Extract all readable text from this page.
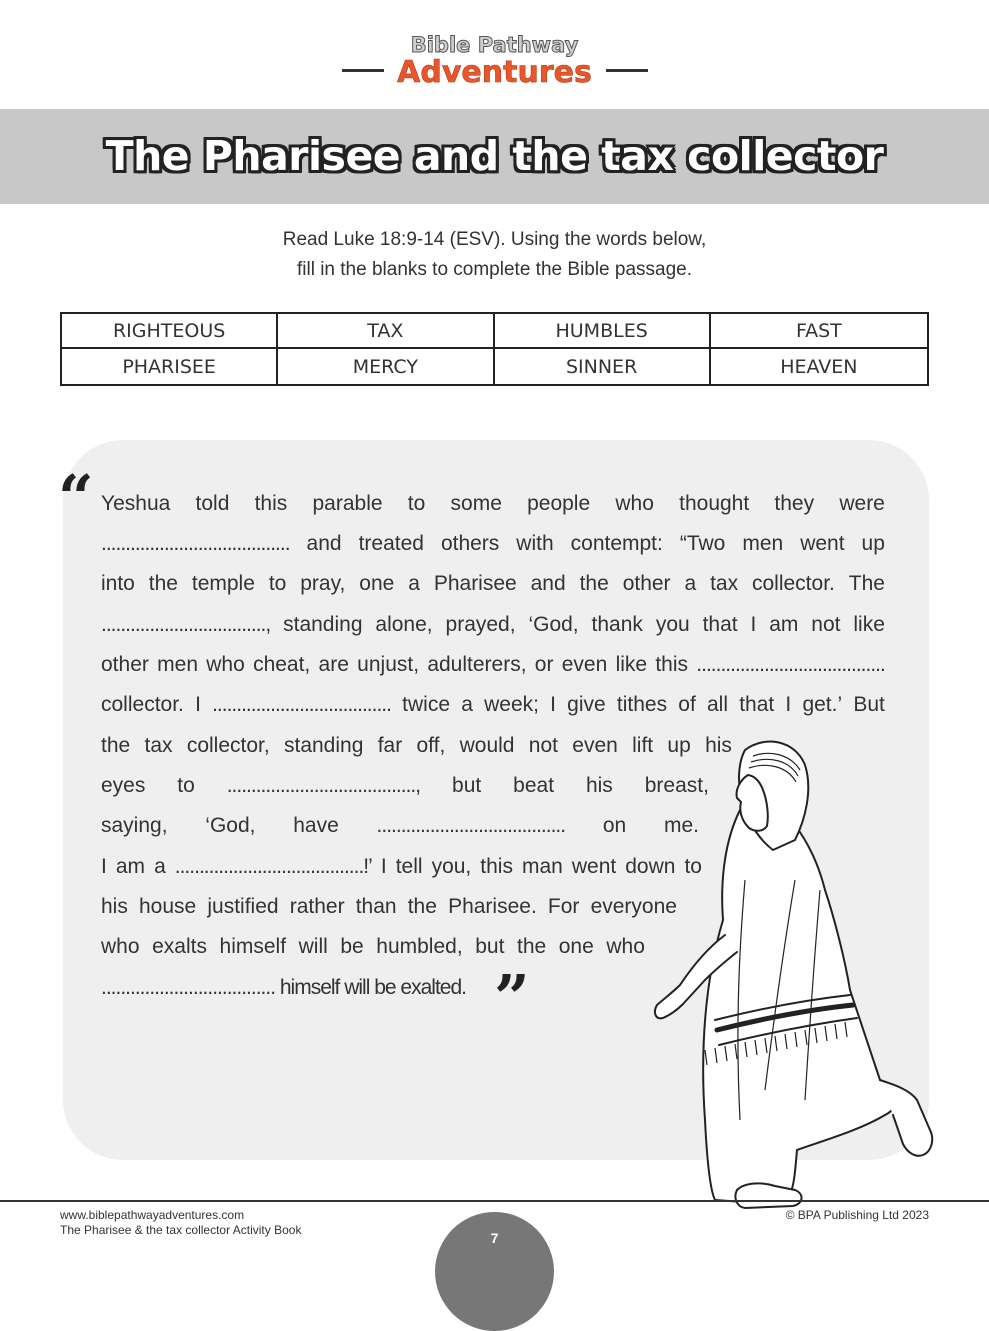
Bible Pathway
Adventures
The Pharisee and the tax collector
Read Luke 18:9-14 (ESV). Using the words below,
fill in the blanks to complete the Bible passage.
RIGHTEOUS	TAX	HUMBLES	FAST
PHARISEE	MERCY	SINNER	HEAVEN
“
”
Yeshua told this parable to some people who thought they were
....................................... and treated others with contempt: “Two men went up
into the temple to pray, one a Pharisee and the other a tax collector. The
.................................., standing alone, prayed, ‘God, thank you that I am not like
other men who cheat, are unjust, adulterers, or even like this .......................................
collector. I ..................................... twice a week; I give tithes of all that I get.’ But
the tax collector, standing far off, would not even lift up his
eyes to ......................................., but beat his breast,
saying, ‘God, have ....................................... on me.
I am a .......................................!’ I tell you, this man went down to
his house justified rather than the Pharisee. For everyone
who exalts himself will be humbled, but the one who
.................................... himself will be exalted.
www.biblepathwayadventures.com
The Pharisee & the tax collector Activity Book
© BPA Publishing Ltd 2023
7
